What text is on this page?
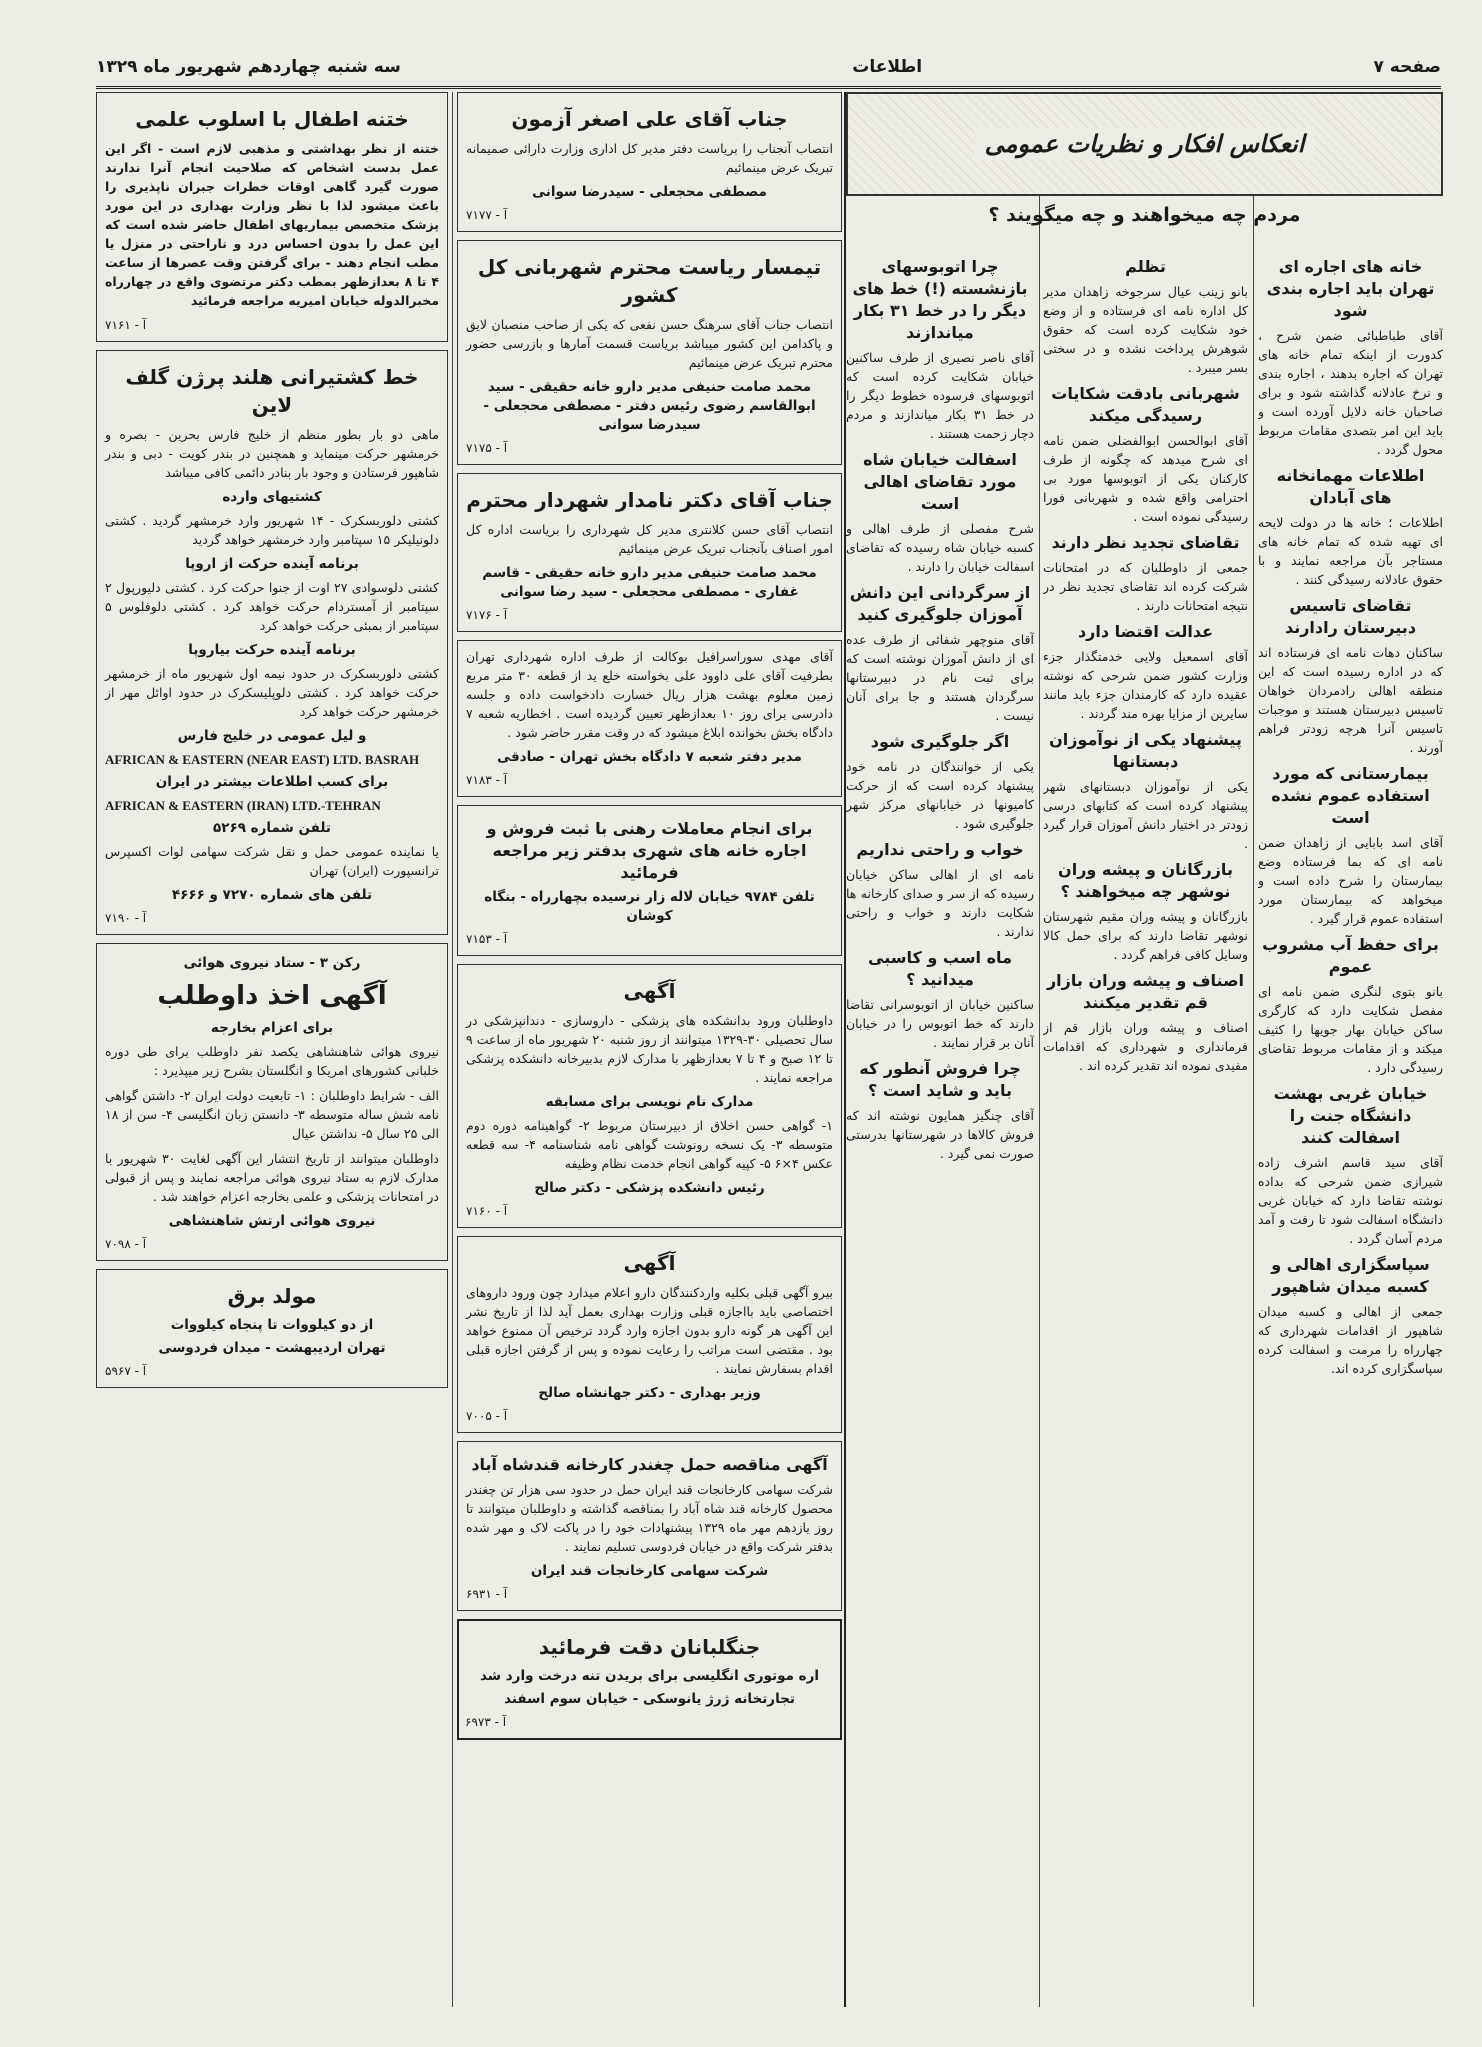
صفحه ۷
اطلاعات
سه شنبه چهاردهم شهریور ماه ۱۳۲۹
انعکاس افکار و نظریات عمومی
مردم چه میخواهند و چه میگویند ؟
خانه های اجاره ای تهران باید اجاره بندی شود

آقای طباطبائی ضمن شرح ، کدورت از اینکه تمام خانه های تهران که اجاره بدهند ، اجاره بندی و نرخ عادلانه گذاشته شود و برای صاحبان خانه دلایل آورده است و باید این امر بتصدی مقامات مربوط محول گردد .

اطلاعات مهمانخانه های آبادان

اطلاعات ؛ خانه ها در دولت لایحه ای تهیه شده که تمام خانه های مستاجر بآن مراجعه نمایند و با حقوق عادلانه رسیدگی کنند .

تقاضای تاسیس دبیرستان رادارند

ساکنان دهات نامه ای فرستاده اند که در اداره رسیده است که این منطقه اهالی رادمردان خواهان تاسیس دبیرستان هستند و موجبات تاسیس آنرا هرچه زودتر فراهم آورند .

بیمارستانی که مورد استفاده عموم نشده است

آقای اسد بابایی از زاهدان ضمن نامه ای که بما فرستاده وضع بیمارستان را شرح داده است و میخواهد که بیمارستان مورد استفاده عموم قرار گیرد .

برای حفظ آب مشروب عموم

بانو بتوی لنگری ضمن نامه ای مفصل شکایت دارد که کارگری ساکن خیابان بهار جویها را کثیف میکند و از مقامات مربوط تقاضای رسیدگی دارد .

خیابان غربی بهشت دانشگاه جنت را اسفالت کنند

آقای سید قاسم اشرف زاده شیرازی ضمن شرحی که بداده نوشته تقاضا دارد که خیابان غربی دانشگاه اسفالت شود تا رفت و آمد مردم آسان گردد .

سپاسگزاری اهالی و کسبه میدان شاهپور

جمعی از اهالی و کسبه میدان شاهپور از اقدامات شهرداری که چهارراه را مرمت و اسفالت کرده سپاسگزاری کرده اند.

تظلم

بانو زینب عیال سرجوخه زاهدان مدیر کل اداره نامه ای فرستاده و از وضع خود شکایت کرده است که حقوق شوهرش پرداخت نشده و در سختی بسر میبرد .

شهربانی بادقت شکایات رسیدگی میکند

آقای ابوالحسن ابوالفضلی ضمن نامه ای شرح میدهد که چگونه از طرف کارکنان یکی از اتوبوسها مورد بی احترامی واقع شده و شهربانی فورا رسیدگی نموده است .

تقاضای تجدید نظر دارند

جمعی از داوطلبان که در امتحانات شرکت کرده اند تقاضای تجدید نظر در نتیجه امتحانات دارند .

عدالت اقتضا دارد

آقای اسمعیل ولایی خدمتگذار جزء وزارت کشور ضمن شرحی که نوشته عقیده دارد که کارمندان جزء باید مانند سایرین از مزایا بهره مند گردند .

پیشنهاد یکی از نوآموزان دبستانها

یکی از نوآموزان دبستانهای شهر پیشنهاد کرده است که کتابهای درسی زودتر در اختیار دانش آموزان قرار گیرد .

بازرگانان و پیشه وران نوشهر چه میخواهند ؟

بازرگانان و پیشه وران مقیم شهرستان نوشهر تقاضا دارند که برای حمل کالا وسایل کافی فراهم گردد .

اصناف و پیشه وران بازار قم تقدیر میکنند

اصناف و پیشه وران بازار قم از فرمانداری و شهرداری که اقدامات مفیدی نموده اند تقدیر کرده اند .

چرا اتوبوسهای بازنشسته (!) خط های دیگر را در خط ۳۱ بکار میاندازند

آقای ناصر نصیری از طرف ساکنین خیابان شکایت کرده است که اتوبوسهای فرسوده خطوط دیگر را در خط ۳۱ بکار میاندازند و مردم دچار زحمت هستند .

اسفالت خیابان شاه مورد تقاضای اهالی است

شرح مفصلی از طرف اهالی و کسبه خیابان شاه رسیده که تقاضای اسفالت خیابان را دارند .

از سرگردانی این دانش آموزان جلوگیری کنید

آقای منوچهر شفائی از طرف عده ای از دانش آموزان نوشته است که برای ثبت نام در دبیرستانها سرگردان هستند و جا برای آنان نیست .

اگر جلوگیری شود

یکی از خوانندگان در نامه خود پیشنهاد کرده است که از حرکت کامیونها در خیابانهای مرکز شهر جلوگیری شود .

خواب و راحتی نداریم

نامه ای از اهالی ساکن خیابان رسیده که از سر و صدای کارخانه ها شکایت دارند و خواب و راحتی ندارند .

ماه اسب و کاسبی میدانید ؟

ساکنین خیابان از اتوبوسرانی تقاضا دارند که خط اتوبوس را در خیابان آنان بر قرار نمایند .

چرا فروش آنطور که باید و شاید است ؟

آقای چنگیز همایون نوشته اند که فروش کالاها در شهرستانها بدرستی صورت نمی گیرد .

جناب آقای علی اصغر آزمون

انتصاب آنجناب را بریاست دفتر مدیر کل اداری وزارت دارائی صمیمانه تبریک عرض مینمائیم

مصطفی محجعلی - سیدرضا سوانی
آ - ۷۱۷۷
تیمسار ریاست محترم شهربانی کل کشور

انتصاب جناب آقای سرهنگ حسن نفعی که یکی از صاحب منصبان لایق و پاکدامن این کشور میباشد بریاست قسمت آمارها و بازرسی حضور محترم تبریک عرض مینمائیم

محمد صامت حنیفی مدیر دارو خانه حقیقی - سید ابوالقاسم رضوی رئیس دفتر - مصطفی محجعلی - سیدرضا سوانی
آ - ۷۱۷۵
جناب آقای دکتر نامدار شهردار محترم

انتصاب آقای حسن کلانتری مدیر کل شهرداری را بریاست اداره کل امور اصناف بآنجناب تبریک عرض مینمائیم

محمد صامت حنیفی مدیر دارو خانه حقیقی - قاسم غفاری - مصطفی محجعلی - سید رضا سوانی
آ - ۷۱۷۶

آقای مهدی سوراسرافیل بوکالت از طرف اداره شهرداری تهران بطرفیت آقای علی داوود علی بخواسته خلع ید از قطعه ۳۰ متر مربع زمین معلوم بهشت هزار ریال خسارت دادخواست داده و جلسه دادرسی برای روز ۱۰ بعدازظهر تعیین گردیده است . اخطاریه شعبه ۷ دادگاه بخش بخوانده ابلاغ میشود که در وقت مقرر حاضر شود .

مدیر دفتر شعبه ۷ دادگاه بخش تهران - صادقی
آ - ۷۱۸۳
برای انجام معاملات رهنی با ثبت فروش و اجاره خانه های شهری بدفتر زیر مراجعه فرمائید
تلفن ۹۷۸۴ خیابان لاله زار نرسیده بچهارراه - بنگاه کوشان
آ - ۷۱۵۳
آگهی

داوطلبان ورود بدانشکده های پزشکی - داروسازی - دندانپزشکی در سال تحصیلی ۳۰-۱۳۲۹ میتوانند از روز شنبه ۲۰ شهریور ماه از ساعت ۹ تا ۱۲ صبح و ۴ تا ۷ بعدازظهر با مدارک لازم بدبیرخانه دانشکده پزشکی مراجعه نمایند .

مدارک نام نویسی برای مسابقه

۱- گواهی حسن اخلاق از دبیرستان مربوط ۲- گواهینامه دوره دوم متوسطه ۳- یک نسخه رونوشت گواهی نامه شناسنامه ۴- سه قطعه عکس ۴×۶ ۵- کپیه گواهی انجام خدمت نظام وظیفه

رئیس دانشکده پزشکی - دکتر صالح
آ - ۷۱۶۰
آگهی

بیرو آگهی قبلی بکلیه واردکنندگان دارو اعلام میدارد چون ورود داروهای اختصاصی باید بااجازه قبلی وزارت بهداری بعمل آید لذا از تاریخ نشر این آگهی هر گونه دارو بدون اجازه وارد گردد ترخیص آن ممنوع خواهد بود . مقتضی است مراتب را رعایت نموده و پس از گرفتن اجازه قبلی اقدام بسفارش نمایند .

وزیر بهداری - دکتر جهانشاه صالح
آ - ۷۰۰۵
آگهی مناقصه حمل چغندر کارخانه قندشاه آباد

شرکت سهامی کارخانجات قند ایران حمل در حدود سی هزار تن چغندر محصول کارخانه قند شاه آباد را بمناقصه گذاشته و داوطلبان میتوانند تا روز یازدهم مهر ماه ۱۳۲۹ پیشنهادات خود را در پاکت لاک و مهر شده بدفتر شرکت واقع در خیابان فردوسی تسلیم نمایند .

شرکت سهامی کارخانجات قند ایران
آ - ۶۹۳۱
جنگلبانان دقت فرمائید
اره موتوری انگلیسی برای بریدن تنه درخت وارد شد
تجارتخانه ژرژ یانوسکی - خیابان سوم اسفند
آ - ۶۹۷۳
ختنه اطفال با اسلوب علمی

ختنه از نظر بهداشتی و مذهبی لازم است - اگر این عمل بدست اشخاص که صلاحیت انجام آنرا ندارند صورت گیرد گاهی اوقات خطرات جبران ناپذیری را باعث میشود لذا با نظر وزارت بهداری در این مورد پزشک متخصص بیماریهای اطفال حاضر شده است که این عمل را بدون احساس درد و ناراحتی در منزل یا مطب انجام دهند - برای گرفتن وقت عصرها از ساعت ۴ تا ۸ بعدازظهر بمطب دکتر مرتضوی واقع در چهارراه مخبرالدوله خیابان امیریه مراجعه فرمائید

آ - ۷۱۶۱
خط کشتیرانی هلند پرژن گلف لاین

ماهی دو بار بطور منظم از خلیج فارس بحرین - بصره و خرمشهر حرکت مینماید و همچنین در بندر کویت - دبی و بندر شاهپور فرستادن و وجود بار بنادر دائمی کافی میباشد

کشتیهای وارده

کشتی دلوربسکرک - ۱۴ شهریور وارد خرمشهر گردید . کشتی دلونیلیکر ۱۵ سپتامبر وارد خرمشهر خواهد گردید

برنامه آینده حرکت از اروپا

کشتی دلوسوادی ۲۷ اوت از جنوا حرکت کرد . کشتی دلیورپول ۲ سپتامبر از آمستردام حرکت خواهد کرد . کشتی دلوفلوس ۵ سپتامبر از بمبئی حرکت خواهد کرد

برنامه آینده حرکت بیاروپا

کشتی دلوربسکرک در حدود نیمه اول شهریور ماه از خرمشهر حرکت خواهد کرد . کشتی دلوپلیسکرک در حدود اوائل مهر از خرمشهر حرکت خواهد کرد

و لیل عمومی در خلیج فارس
AFRICAN & EASTERN (NEAR EAST) LTD. BASRAH
برای کسب اطلاعات بیشتر در ایران
AFRICAN & EASTERN (IRAN) LTD.-TEHRAN
تلفن شماره ۵۲۶۹

یا نماینده عمومی حمل و نقل شرکت سهامی لوات اکسپرس ترانسپورت (ایران) تهران

تلفن های شماره ۷۲۷۰ و ۴۶۶۶
آ - ۷۱۹۰
رکن ۳ - ستاد نیروی هوائی
آگهی اخذ داوطلب
برای اعزام بخارجه

نیروی هوائی شاهنشاهی یکصد نفر داوطلب برای طی دوره خلبانی کشورهای امریکا و انگلستان بشرح زیر میپذیرد :

الف - شرایط داوطلبان : ۱- تابعیت دولت ایران ۲- داشتن گواهی نامه شش ساله متوسطه ۳- دانستن زبان انگلیسی ۴- سن از ۱۸ الی ۲۵ سال ۵- نداشتن عیال

داوطلبان میتوانند از تاریخ انتشار این آگهی لغایت ۳۰ شهریور با مدارک لازم به ستاد نیروی هوائی مراجعه نمایند و پس از قبولی در امتحانات پزشکی و علمی بخارجه اعزام خواهند شد .

نیروی هوائی ارتش شاهنشاهی
آ - ۷۰۹۸
مولد برق
از دو کیلووات تا پنجاه کیلووات
تهران اردیبهشت - میدان فردوسی
آ - ۵۹۶۷
